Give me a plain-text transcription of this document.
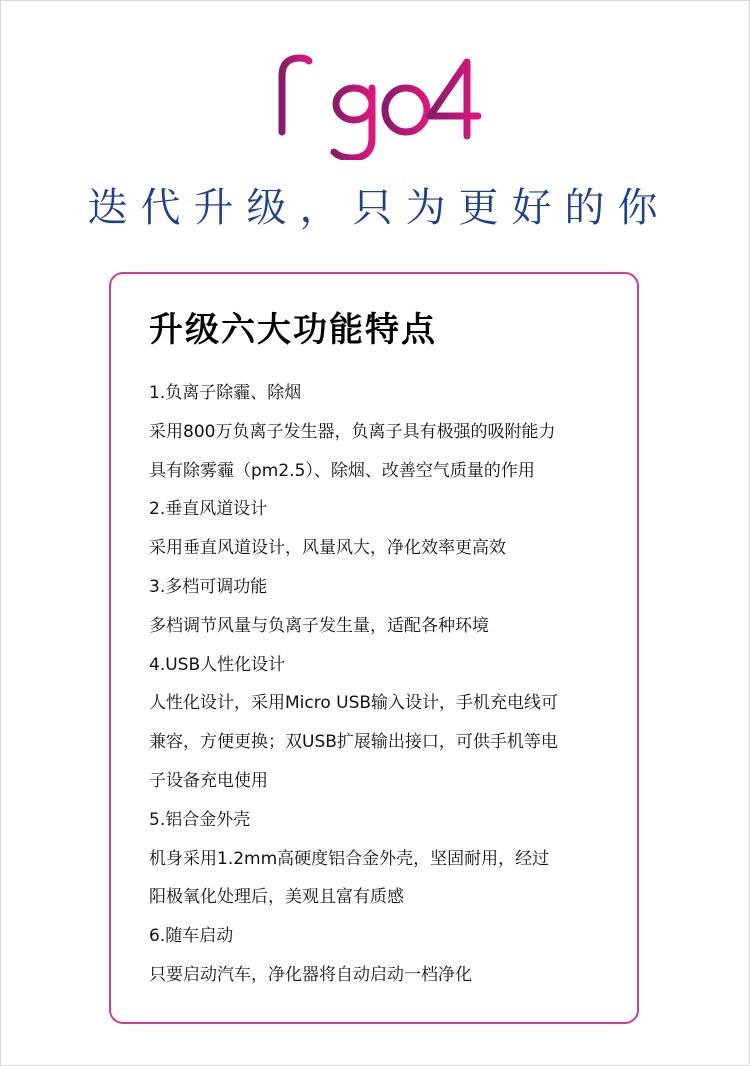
figo4
迭代升级，只为更好的你
升级六大功能特点
1.负离子除霾、除烟
采用800万负离子发生器，负离子具有极强的吸附能力
具有除雾霾（pm2.5）、除烟、改善空气质量的作用
2.垂直风道设计
采用垂直风道设计，风量风大，净化效率更高效
3.多档可调功能
多档调节风量与负离子发生量，适配各种环境
4.USB人性化设计
人性化设计，采用Micro USB输入设计，手机充电线可
兼容，方便更换；双USB扩展输出接口，可供手机等电
子设备充电使用
5.铝合金外壳
机身采用1.2mm高硬度铝合金外壳，坚固耐用，经过
阳极氧化处理后，美观且富有质感
6.随车启动
只要启动汽车，净化器将自动启动一档净化
